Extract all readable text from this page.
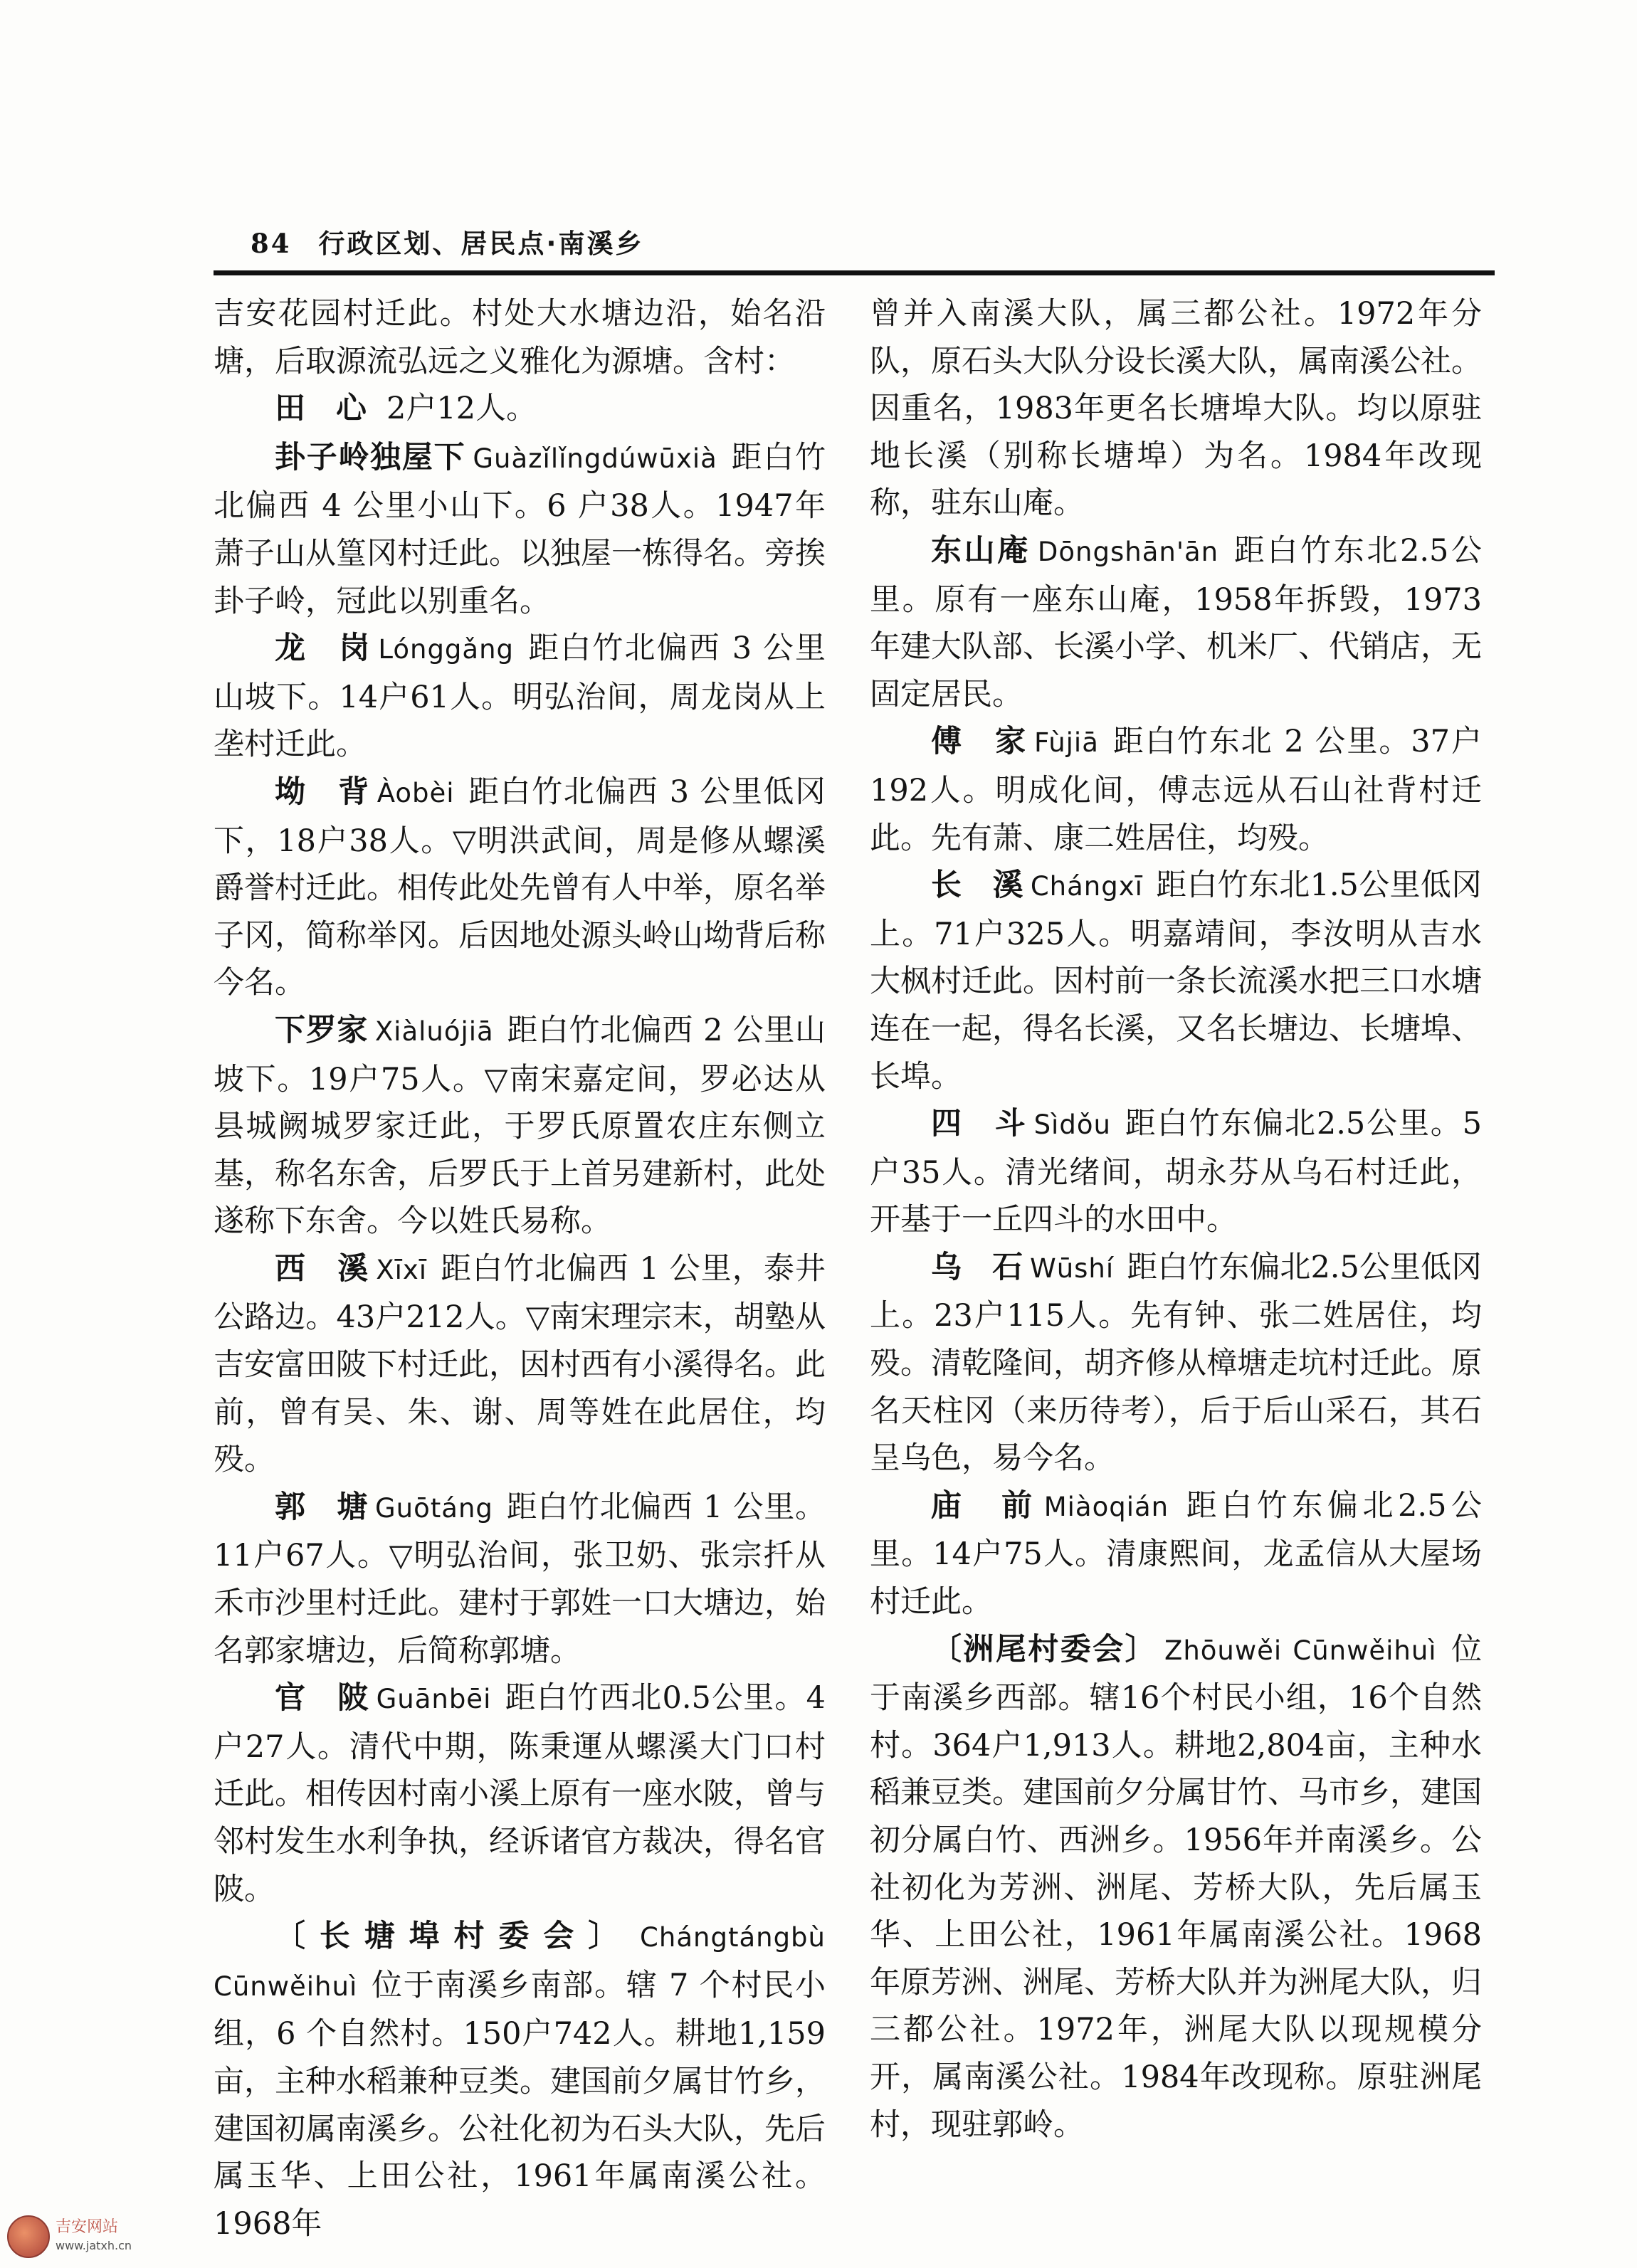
84 行政区划、居民点·南溪乡

吉安花园村迁此。村处大水塘边沿，始名沿塘，后取源流弘远之义雅化为源塘。含村：

田　心 2户12人。

卦子岭独屋下 Guàzǐlǐngdúwūxià 距白竹北偏西 4 公里小山下。6 户38人。1947年萧子山从篁冈村迁此。以独屋一栋得名。旁挨卦子岭，冠此以别重名。

龙　岗 Lónggǎng 距白竹北偏西 3 公里山坡下。14户61人。明弘治间，周龙岗从上垄村迁此。

坳　背 Àobèi 距白竹北偏西 3 公里低冈下，18户38人。▽明洪武间，周是修从螺溪爵誉村迁此。相传此处先曾有人中举，原名举子冈，简称举冈。后因地处源头岭山坳背后称今名。

下罗家 Xiàluójiā 距白竹北偏西 2 公里山坡下。19户75人。▽南宋嘉定间，罗必达从县城阙城罗家迁此，于罗氏原置农庄东侧立基，称名东舍，后罗氏于上首另建新村，此处遂称下东舍。今以姓氏易称。

西　溪 Xīxī 距白竹北偏西 1 公里，泰井公路边。43户212人。▽南宋理宗末，胡塾从吉安富田陂下村迁此，因村西有小溪得名。此前，曾有吴、朱、谢、周等姓在此居住，均殁。

郭　塘 Guōtáng 距白竹北偏西 1 公里。11户67人。▽明弘治间，张卫奶、张宗扦从禾市沙里村迁此。建村于郭姓一口大塘边，始名郭家塘边，后简称郭塘。

官　陂 Guānbēi 距白竹西北0.5公里。4 户27人。清代中期，陈秉運从螺溪大门口村迁此。相传因村南小溪上原有一座水陂，曾与邻村发生水利争执，经诉诸官方裁决，得名官陂。

〔长塘埠村委会〕 Chángtángbù Cūnwěihuì 位于南溪乡南部。辖 7 个村民小组，6 个自然村。150户742人。耕地1,159亩，主种水稻兼种豆类。建国前夕属甘竹乡，建国初属南溪乡。公社化初为石头大队，先后属玉华、上田公社，1961年属南溪公社。1968年

曾并入南溪大队，属三都公社。1972年分队，原石头大队分设长溪大队，属南溪公社。因重名，1983年更名长塘埠大队。均以原驻地长溪（别称长塘埠）为名。1984年改现称，驻东山庵。

东山庵 Dōngshān'ān 距白竹东北2.5公里。原有一座东山庵，1958年拆毁，1973年建大队部、长溪小学、机米厂、代销店，无固定居民。

傅　家 Fùjiā 距白竹东北 2 公里。37户192人。明成化间，傅志远从石山社背村迁此。先有萧、康二姓居住，均殁。

长　溪 Chángxī 距白竹东北1.5公里低冈上。71户325人。明嘉靖间，李汝明从吉水大枫村迁此。因村前一条长流溪水把三口水塘连在一起，得名长溪，又名长塘边、长塘埠、长埠。

四　斗 Sìdǒu 距白竹东偏北2.5公里。5 户35人。清光绪间，胡永芬从乌石村迁此，开基于一丘四斗的水田中。

乌　石 Wūshí 距白竹东偏北2.5公里低冈上。23户115人。先有钟、张二姓居住，均殁。清乾隆间，胡齐修从樟塘走坑村迁此。原名天柱冈（来历待考），后于后山采石，其石呈乌色，易今名。

庙　前 Miàoqián 距白竹东偏北2.5公里。14户75人。清康熙间，龙孟信从大屋场村迁此。

〔洲尾村委会〕 Zhōuwěi Cūnwěihuì 位于南溪乡西部。辖16个村民小组，16个自然村。364户1,913人。耕地2,804亩，主种水稻兼豆类。建国前夕分属甘竹、马市乡，建国初分属白竹、西洲乡。1956年并南溪乡。公社初化为芳洲、洲尾、芳桥大队，先后属玉华、上田公社，1961年属南溪公社。1968年原芳洲、洲尾、芳桥大队并为洲尾大队，归三都公社。1972年，洲尾大队以现规模分开，属南溪公社。1984年改现称。原驻洲尾村，现驻郭岭。

吉安网站
www.jatxh.cn
